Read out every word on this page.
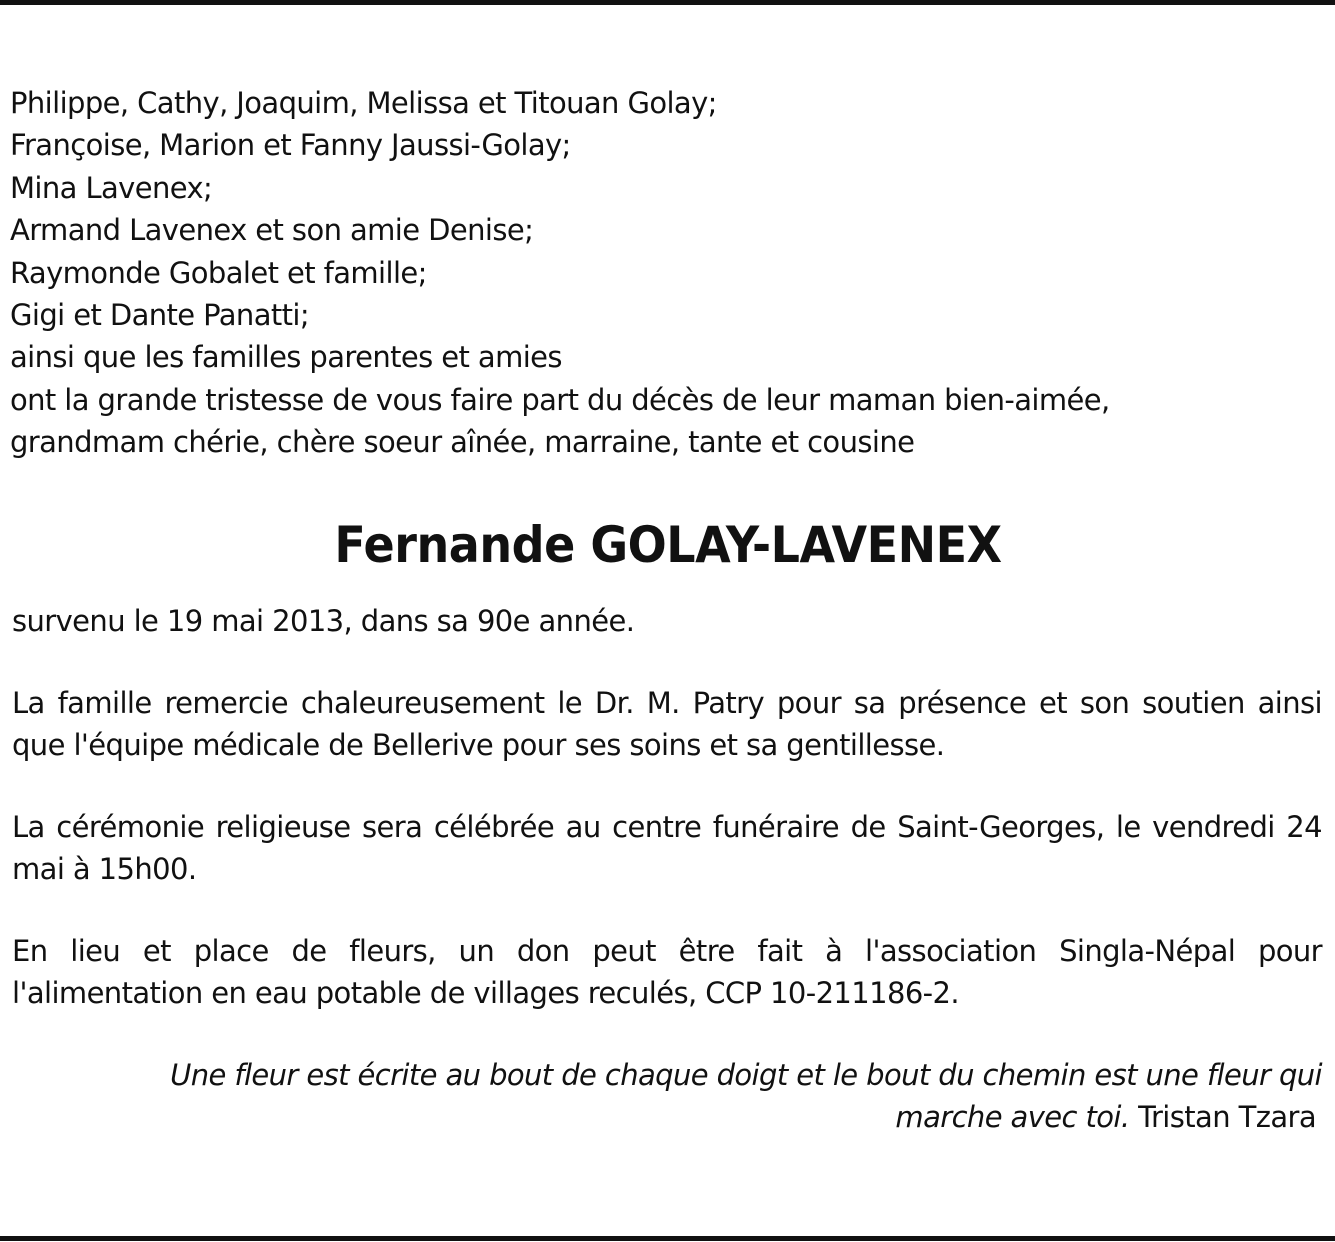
Philippe, Cathy, Joaquim, Melissa et Titouan Golay;
Françoise, Marion et Fanny Jaussi-Golay;
Mina Lavenex;
Armand Lavenex et son amie Denise;
Raymonde Gobalet et famille;
Gigi et Dante Panatti;
ainsi que les familles parentes et amies
ont la grande tristesse de vous faire part du décès de leur maman bien-aimée,
grandmam chérie, chère soeur aînée, marraine, tante et cousine
Fernande GOLAY-LAVENEX
survenu le 19 mai 2013, dans sa 90e année.
La famille remercie chaleureusement le Dr. M. Patry pour sa présence et son soutien ainsi que l'équipe médicale de Bellerive pour ses soins et sa gentillesse.
La cérémonie religieuse sera célébrée au centre funéraire de Saint-Georges, le vendredi 24 mai à 15h00.
En lieu et place de fleurs, un don peut être fait à l'association Singla-Népal pour l'alimentation en eau potable de villages reculés, CCP 10-211186-2.
Une fleur est écrite au bout de chaque doigt et le bout du chemin est une fleur qui marche avec toi. Tristan Tzara
